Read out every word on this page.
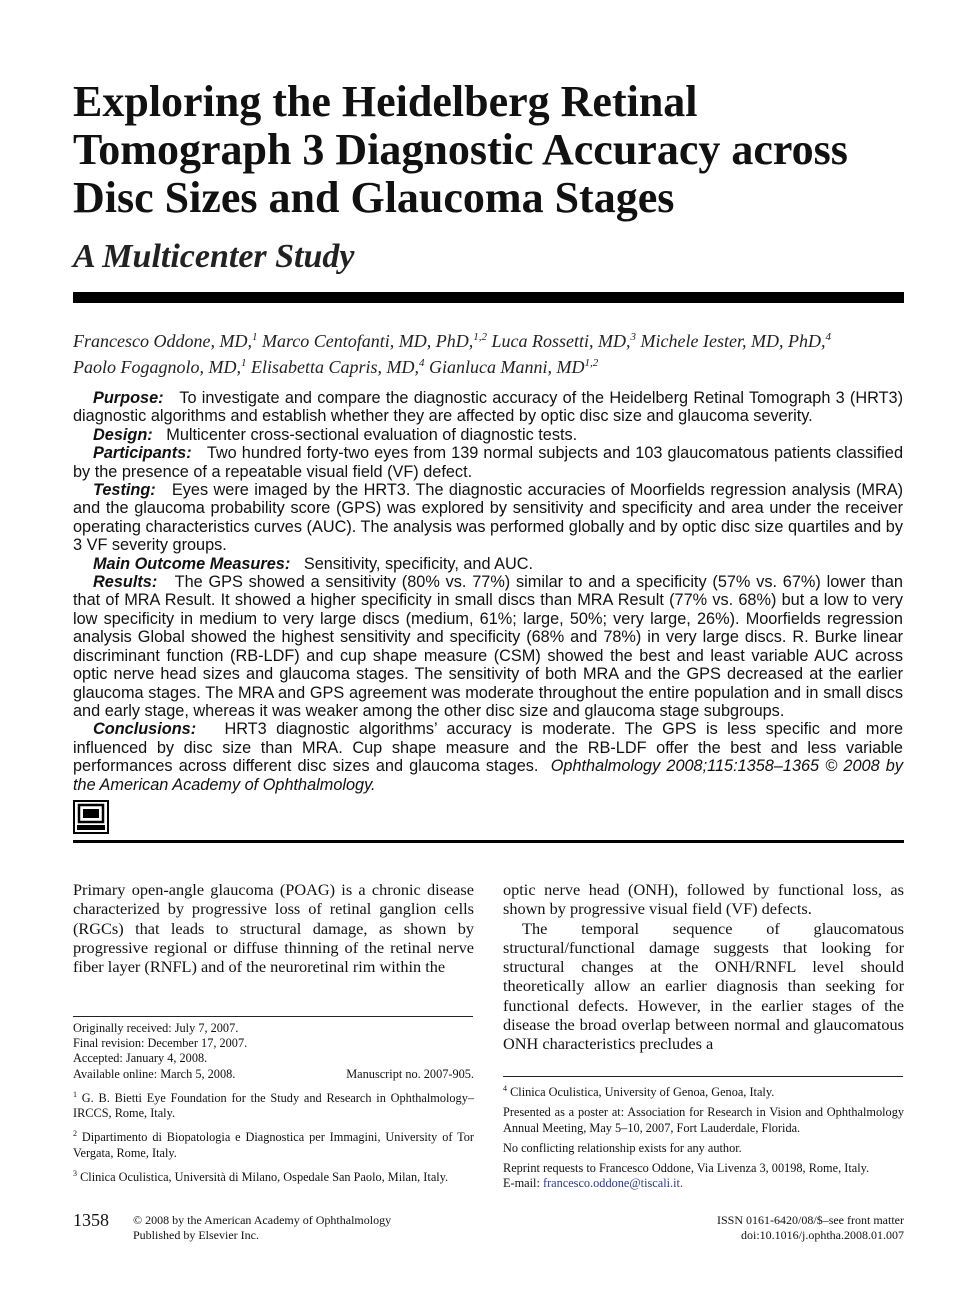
Exploring the Heidelberg Retinal Tomograph 3 Diagnostic Accuracy across Disc Sizes and Glaucoma Stages
A Multicenter Study
Francesco Oddone, MD,$^1$ Marco Centofanti, MD, PhD,$^{1,2}$ Luca Rossetti, MD,$^3$ Michele Iester, MD, PhD,$^4$
Paolo Fogagnolo, MD,$^1$ Elisabetta Capris, MD,$^4$ Gianluca Manni, MD$^{1,2}$

Purpose: To investigate and compare the diagnostic accuracy of the Heidelberg Retinal Tomograph 3 (HRT3) diagnostic algorithms and establish whether they are affected by optic disc size and glaucoma severity.

Design: Multicenter cross-sectional evaluation of diagnostic tests.

Participants: Two hundred forty-two eyes from 139 normal subjects and 103 glaucomatous patients classified by the presence of a repeatable visual field (VF) defect.

Testing: Eyes were imaged by the HRT3. The diagnostic accuracies of Moorfields regression analysis (MRA) and the glaucoma probability score (GPS) was explored by sensitivity and specificity and area under the receiver operating characteristics curves (AUC). The analysis was performed globally and by optic disc size quartiles and by 3 VF severity groups.

Main Outcome Measures: Sensitivity, specificity, and AUC.

Results: The GPS showed a sensitivity (80% vs. 77%) similar to and a specificity (57% vs. 67%) lower than that of MRA Result. It showed a higher specificity in small discs than MRA Result (77% vs. 68%) but a low to very low specificity in medium to very large discs (medium, 61%; large, 50%; very large, 26%). Moorfields regression analysis Global showed the highest sensitivity and specificity (68% and 78%) in very large discs. R. Burke linear discriminant function (RB-LDF) and cup shape measure (CSM) showed the best and least variable AUC across optic nerve head sizes and glaucoma stages. The sensitivity of both MRA and the GPS decreased at the earlier glaucoma stages. The MRA and GPS agreement was moderate throughout the entire population and in small discs and early stage, whereas it was weaker among the other disc size and glaucoma stage subgroups.

Conclusions: HRT3 diagnostic algorithms’ accuracy is moderate. The GPS is less specific and more influenced by disc size than MRA. Cup shape measure and the RB-LDF offer the best and less variable performances across different disc sizes and glaucoma stages. Ophthalmology 2008;115:1358–1365 © 2008 by the American Academy of Ophthalmology.

Primary open-angle glaucoma (POAG) is a chronic disease characterized by progressive loss of retinal ganglion cells (RGCs) that leads to structural damage, as shown by progressive regional or diffuse thinning of the retinal nerve fiber layer (RNFL) and of the neuroretinal rim within the

optic nerve head (ONH), followed by functional loss, as shown by progressive visual field (VF) defects.

The temporal sequence of glaucomatous structural/functional damage suggests that looking for structural changes at the ONH/RNFL level should theoretically allow an earlier diagnosis than seeking for functional defects. However, in the earlier stages of the disease the broad overlap between normal and glaucomatous ONH characteristics precludes a

Originally received: July 7, 2007.

Final revision: December 17, 2007.

Accepted: January 4, 2008.

Available online: March 5, 2008.	Manuscript no. 2007-905.

$^1$ G. B. Bietti Eye Foundation for the Study and Research in Ophthalmology–IRCCS, Rome, Italy.

$^2$ Dipartimento di Biopatologia e Diagnostica per Immagini, University of Tor Vergata, Rome, Italy.

$^3$ Clinica Oculistica, Università di Milano, Ospedale San Paolo, Milan, Italy.

$^4$ Clinica Oculistica, University of Genoa, Genoa, Italy.

Presented as a poster at: Association for Research in Vision and Ophthalmology Annual Meeting, May 5–10, 2007, Fort Lauderdale, Florida.

No conflicting relationship exists for any author.

Reprint requests to Francesco Oddone, Via Livenza 3, 00198, Rome, Italy.
E-mail: francesco.oddone@tiscali.it.

1358 © 2008 by the American Academy of Ophthalmology
Published by Elsevier Inc.
ISSN 0161-6420/08/$–see front matter
doi:10.1016/j.ophtha.2008.01.007
